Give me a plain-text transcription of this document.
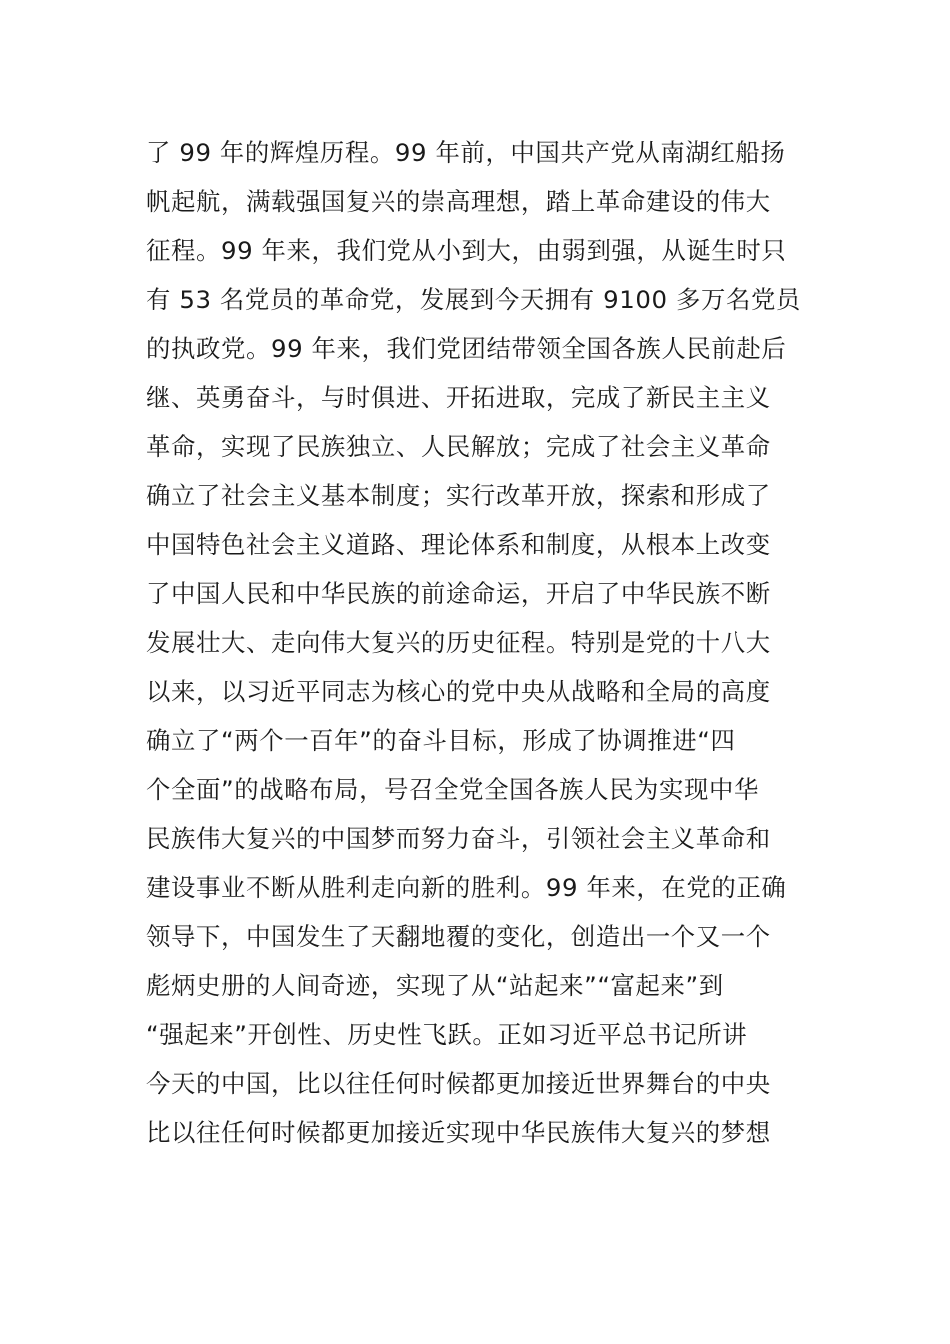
了 99 年的辉煌历程。99 年前，中国共产党从南湖红船扬
帆起航，满载强国复兴的崇高理想，踏上革命建设的伟大
征程。99 年来，我们党从小到大，由弱到强，从诞生时只
有 53 名党员的革命党，发展到今天拥有 9100 多万名党员
的执政党。99 年来，我们党团结带领全国各族人民前赴后
继、英勇奋斗，与时俱进、开拓进取，完成了新民主主义
革命，实现了民族独立、人民解放；完成了社会主义革命
确立了社会主义基本制度；实行改革开放，探索和形成了
中国特色社会主义道路、理论体系和制度，从根本上改变
了中国人民和中华民族的前途命运，开启了中华民族不断
发展壮大、走向伟大复兴的历史征程。特别是党的十八大
以来，以习近平同志为核心的党中央从战略和全局的高度
确立了“两个一百年”的奋斗目标，形成了协调推进“四
个全面”的战略布局，号召全党全国各族人民为实现中华
民族伟大复兴的中国梦而努力奋斗，引领社会主义革命和
建设事业不断从胜利走向新的胜利。99 年来，在党的正确
领导下，中国发生了天翻地覆的变化，创造出一个又一个
彪炳史册的人间奇迹，实现了从“站起来”“富起来”到
“强起来”开创性、历史性飞跃。正如习近平总书记所讲
今天的中国，比以往任何时候都更加接近世界舞台的中央
比以往任何时候都更加接近实现中华民族伟大复兴的梦想
